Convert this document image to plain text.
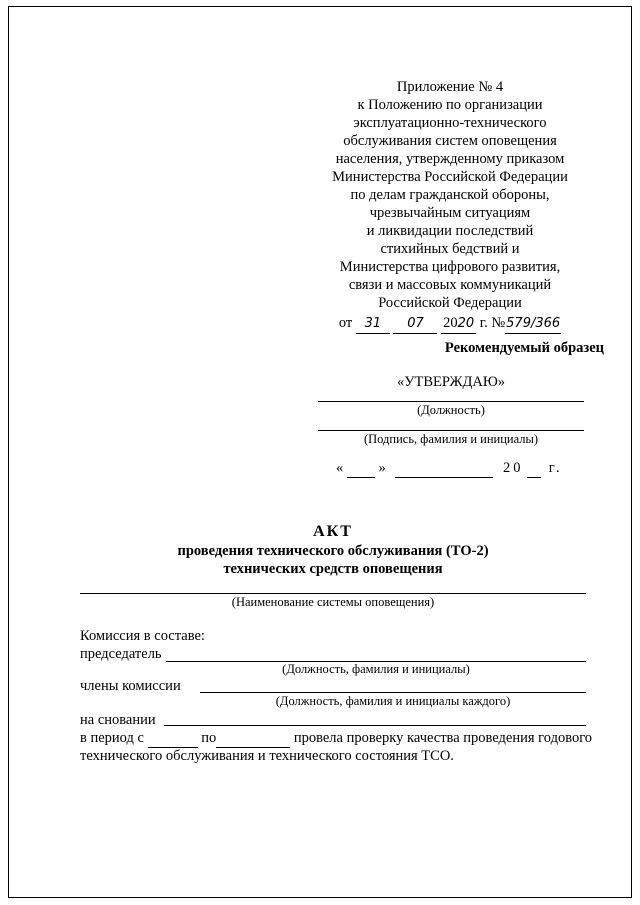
Приложение № 4
к Положению по организации
эксплуатационно-технического
обслуживания систем оповещения
населения, утвержденному приказом
Министерства Российской Федерации
по делам гражданской обороны,
чрезвычайным ситуациям
и ликвидации последствий
стихийных бедствий и
Министерства цифрового развития,
связи и массовых коммуникаций
Российской Федерации
от 31 07 2020 г. №579/366
Рекомендуемый образец
«УТВЕРЖДАЮ»
(Должность)
(Подпись, фамилия и инициалы)
« »	20 г.
АКТ
проведения технического обслуживания (ТО-2)
технических средств оповещения
(Наименование системы оповещения)
Комиссия в составе:
председатель
(Должность, фамилия и инициалы)
члены комиссии
(Должность, фамилия и инициалы каждого)
на сновании
в период с	по	провела проверку качества проведения годового
технического обслуживания и технического состояния ТСО.
